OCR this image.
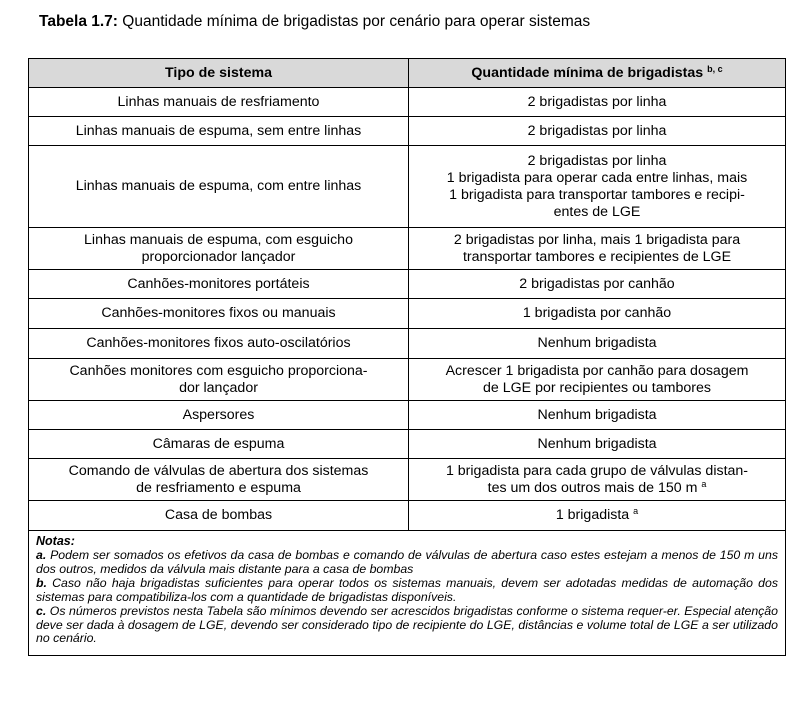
Tabela 1.7: Quantidade mínima de brigadistas por cenário para operar sistemas
Tipo de sistema	Quantidade mínima de brigadistas $^{b, c}$

Linhas manuais de resfriamento	2 brigadistas por linha

Linhas manuais de espuma, sem entre linhas	2 brigadistas por linha

Linhas manuais de espuma, com entre linhas	2 brigadistas por linha
1 brigadista para operar cada entre linhas, mais
1 brigadista para transportar tambores e recipi-
entes de LGE

Linhas manuais de espuma, com esguicho
proporcionador lançador	2 brigadistas por linha, mais 1 brigadista para
transportar tambores e recipientes de LGE

Canhões-monitores portáteis	2 brigadistas por canhão

Canhões-monitores fixos ou manuais	1 brigadista por canhão

Canhões-monitores fixos auto-oscilatórios	Nenhum brigadista

Canhões monitores com esguicho proporciona-
dor lançador	Acrescer 1 brigadista por canhão para dosagem
de LGE por recipientes ou tambores

Aspersores	Nenhum brigadista

Câmaras de espuma	Nenhum brigadista

Comando de válvulas de abertura dos sistemas
de resfriamento e espuma	1 brigadista para cada grupo de válvulas distan-
tes um dos outros mais de 150 m $^a$

Casa de bombas	1 brigadista $^a$

Notas:
a. Podem ser somados os efetivos da casa de bombas e comando de válvulas de abertura caso estes estejam a menos de 150 m uns dos outros, medidos da válvula mais distante para a casa de bombas
b. Caso não haja brigadistas suficientes para operar todos os sistemas manuais, devem ser adotadas medidas de automação dos sistemas para compatibiliza-los com a quantidade de brigadistas disponíveis.
c. Os números previstos nesta Tabela são mínimos devendo ser acrescidos brigadistas conforme o sistema requer-er. Especial atenção deve ser dada à dosagem de LGE, devendo ser considerado tipo de recipiente do LGE, distâncias e volume total de LGE a ser utilizado no cenário.	
